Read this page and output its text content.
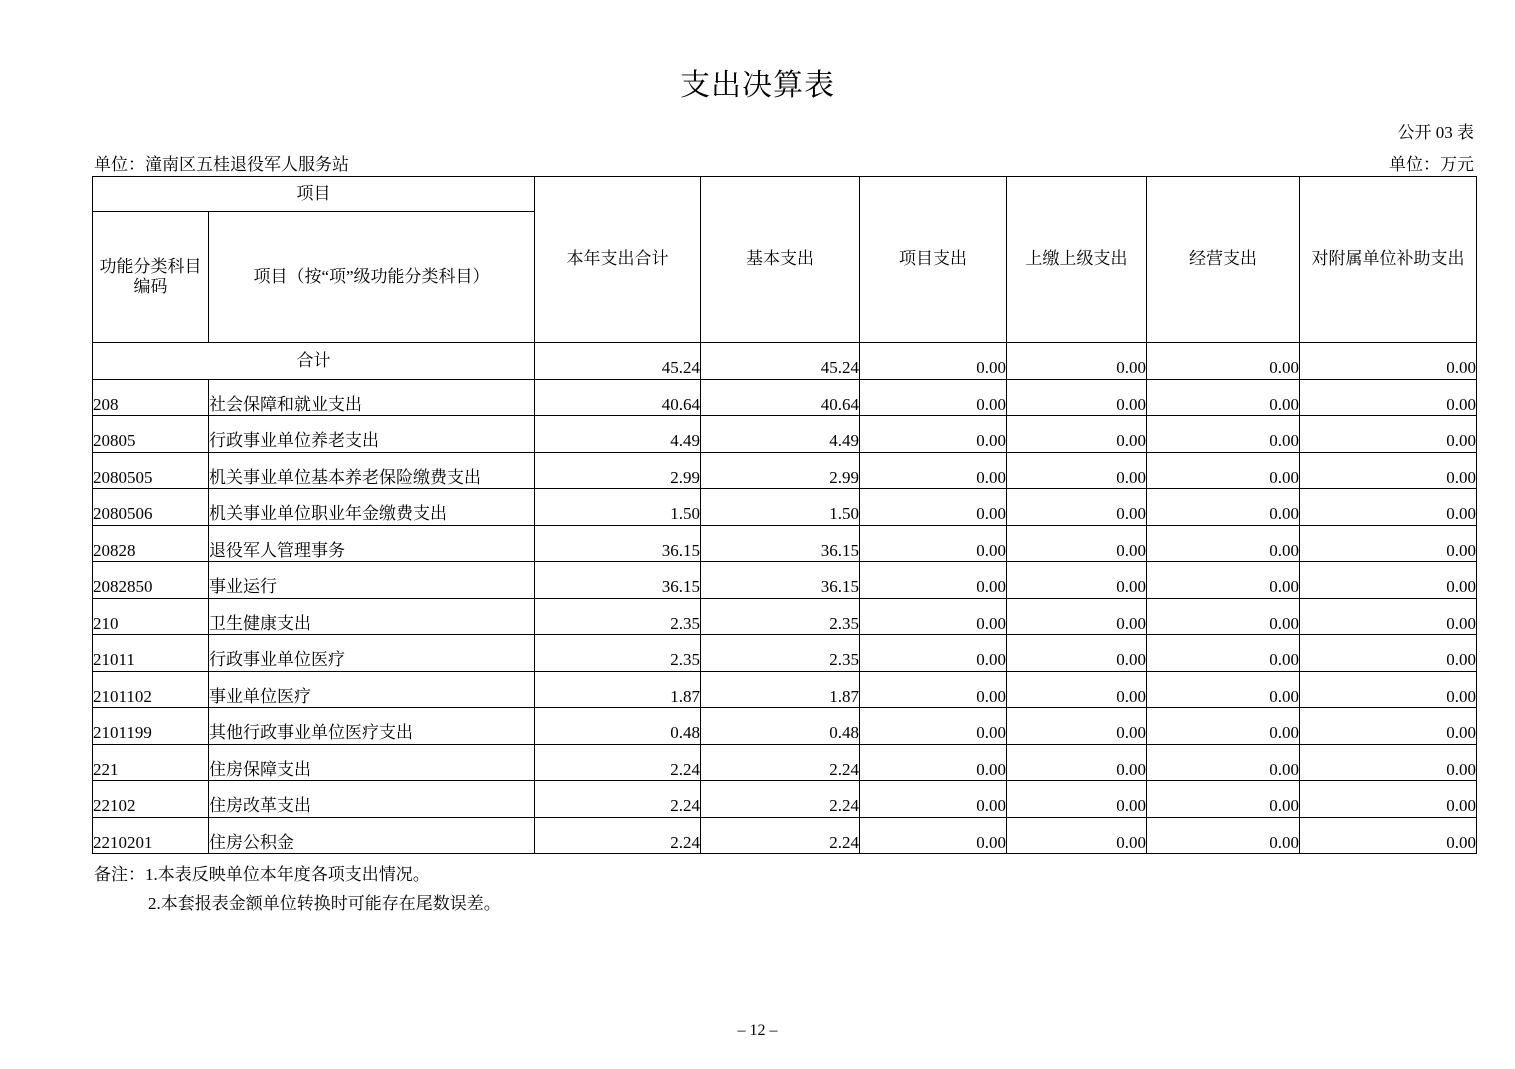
支出决算表
公开 03 表
单位：潼南区五桂退役军人服务站	单位：万元
项目		本年支出合计	基本支出	项目支出	上缴上级支出	经营支出	对附属单位补助支出
功能分类科目编码	项目（按“项”级功能分类科目）						
合计		45.24	45.24	0.00	0.00	0.00	0.00
208	社会保障和就业支出	40.64	40.64	0.00	0.00	0.00	0.00
20805	行政事业单位养老支出	4.49	4.49	0.00	0.00	0.00	0.00
2080505	机关事业单位基本养老保险缴费支出	2.99	2.99	0.00	0.00	0.00	0.00
2080506	机关事业单位职业年金缴费支出	1.50	1.50	0.00	0.00	0.00	0.00
20828	退役军人管理事务	36.15	36.15	0.00	0.00	0.00	0.00
2082850	事业运行	36.15	36.15	0.00	0.00	0.00	0.00
210	卫生健康支出	2.35	2.35	0.00	0.00	0.00	0.00
21011	行政事业单位医疗	2.35	2.35	0.00	0.00	0.00	0.00
2101102	事业单位医疗	1.87	1.87	0.00	0.00	0.00	0.00
2101199	其他行政事业单位医疗支出	0.48	0.48	0.00	0.00	0.00	0.00
221	住房保障支出	2.24	2.24	0.00	0.00	0.00	0.00
22102	住房改革支出	2.24	2.24	0.00	0.00	0.00	0.00
2210201	住房公积金	2.24	2.24	0.00	0.00	0.00	0.00
备注：1.本表反映单位本年度各项支出情况。
2.本套报表金额单位转换时可能存在尾数误差。
– 12 –
